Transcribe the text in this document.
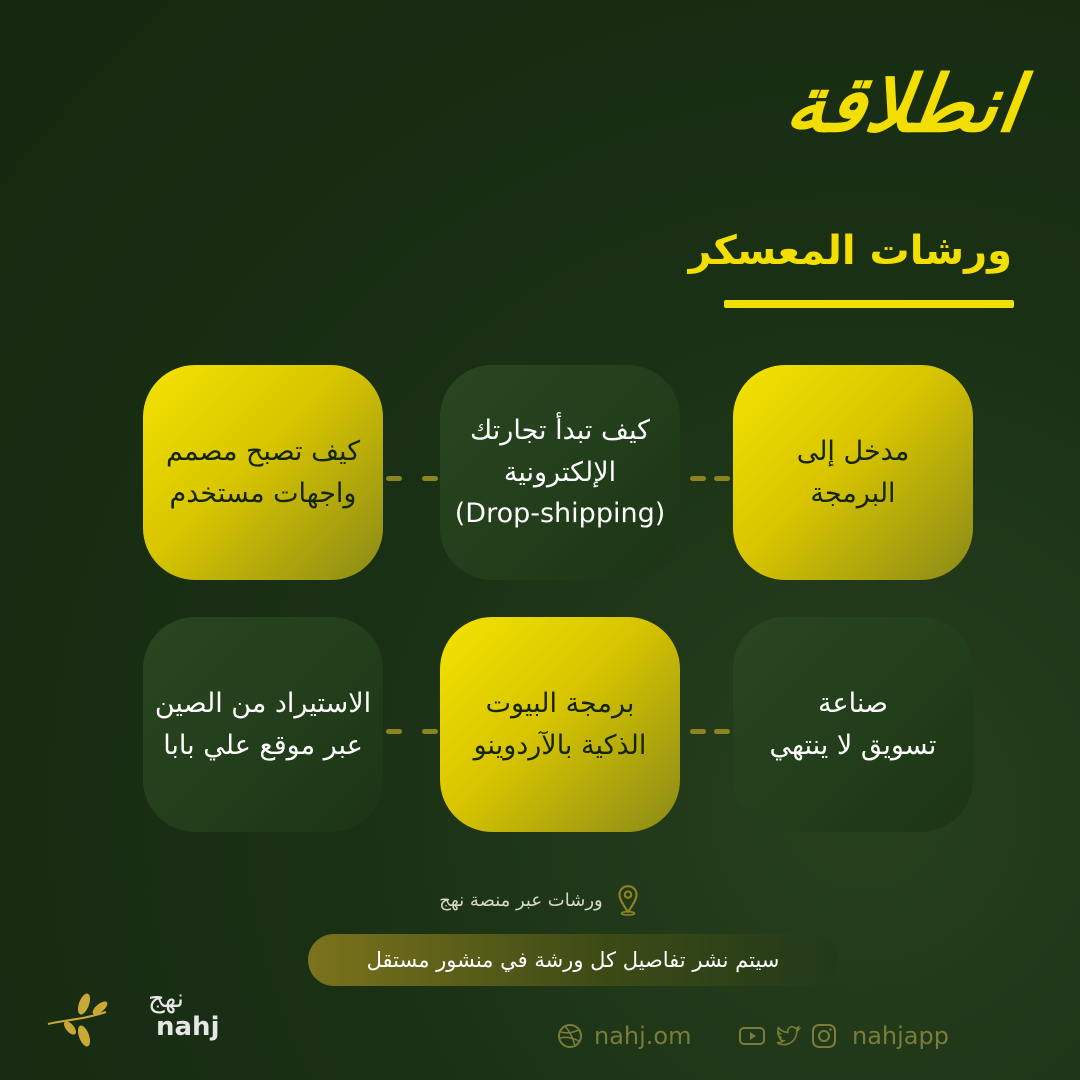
انطلاقة
ورشات المعسكر
مدخل إلى
البرمجة
كيف تبدأ تجارتك
الإلكترونية
(Drop-shipping)
كيف تصبح مصمم
واجهات مستخدم
صناعة
تسويق لا ينتهي
برمجة البيوت
الذكية بالآردوينو
الاستيراد من الصين
عبر موقع علي بابا
ورشات عبر منصة نهج
سيتم نشر تفاصيل كل ورشة في منشور مستقل
نهج
nahj	nahj.om	nahjapp
